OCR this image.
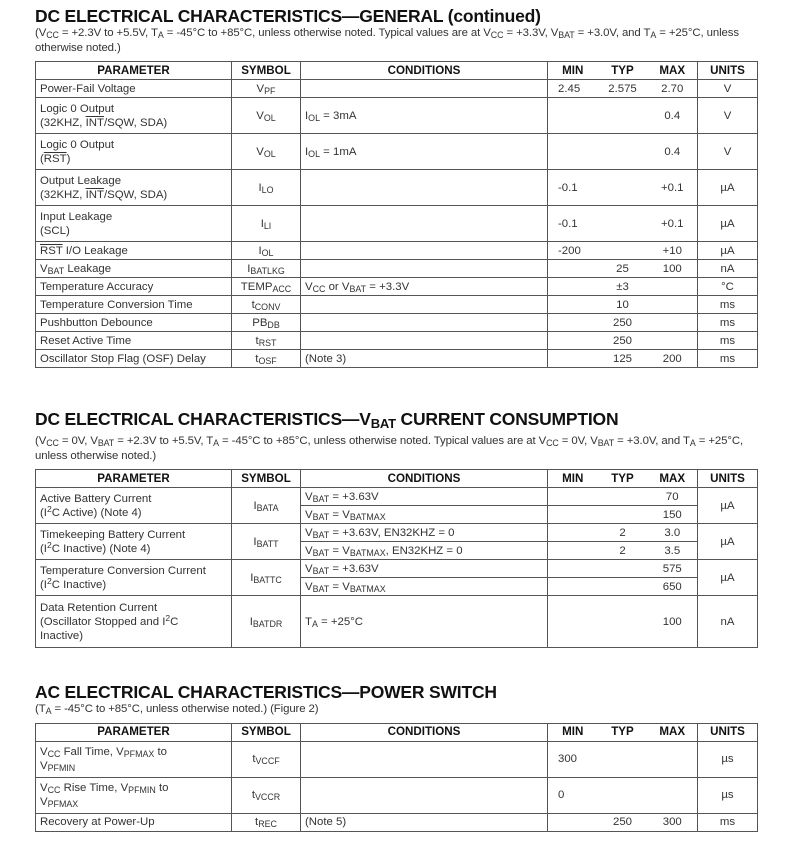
DC ELECTRICAL CHARACTERISTICS—GENERAL (continued)
($V_{CC} = +2.3V$ to +5.5V, $T_A = -45^\circ C$ to +85°C, unless otherwise noted. Typical values are at $V_{CC} = +3.3V$, $V_{BAT} = +3.0V$, and $T_A = +25^\circ C$, unless otherwise noted.)
PARAMETER	SYMBOL	CONDITIONS	MIN	TYP	MAX	UNITS
Power-Fail Voltage	$V_{PF}$		2.45	2.575	2.70	V
Logic 0 Output
(32KHZ, $\overline{INT}$/SQW, SDA)	$V_{OL}$	$I_{OL} = 3mA$			0.4	V
Logic 0 Output
$(\overline{RST})$	$V_{OL}$	$I_{OL} = 1mA$			0.4	V
Output Leakage
(32KHZ, $\overline{INT}$/SQW, SDA)	$I_{LO}$		-0.1		+0.1	µA
Input Leakage
(SCL)	$I_{LI}$		-0.1		+0.1	µA
$\overline{RST}$ I/O Leakage	$I_{OL}$		-200		+10	µA
$V_{BAT}$ Leakage	$I_{BATLKG}$			25	100	nA
Temperature Accuracy	$TEMP_{ACC}$	$V_{CC}$ or $V_{BAT} = +3.3V$		±3		°C
Temperature Conversion Time	$t_{CONV}$			10		ms
Pushbutton Debounce	$PB_{DB}$			250		ms
Reset Active Time	$t_{RST}$			250		ms
Oscillator Stop Flag (OSF) Delay	$t_{OSF}$	(Note 3)		125	200	ms
DC ELECTRICAL $CHARACTERISTICS—V_{BAT}$ CURRENT CONSUMPTION
($V_{CC} = 0V$, $V_{BAT} = +2.3V$ to +5.5V, $T_A = -45^\circ C$ to +85°C, unless otherwise noted. Typical values are at $V_{CC} = 0V$, $V_{BAT} = +3.0V$, and $T_A = +25^\circ C$, unless otherwise noted.)
PARAMETER	SYMBOL	CONDITIONS	MIN	TYP	MAX	UNITS
Active Battery Current
($I^2C$ Active) (Note 4)	$I_{BATA}$	$V_{BAT} = +3.63V$			70	µA
		$V_{BAT} = V_{BATMAX}$			150	
Timekeeping Battery Current
($I^2C$ Inactive) (Note 4)	$I_{BATT}$	$V_{BAT} = +3.63V$, EN32KHZ = 0		2	3.0	µA
		$V_{BAT} = V_{BATMAX}$, EN32KHZ = 0		2	3.5	
Temperature Conversion Current
($I^2C$ Inactive)	$I_{BATTC}$	$V_{BAT} = +3.63V$			575	µA
		$V_{BAT} = V_{BATMAX}$			650	
Data Retention Current
(Oscillator Stopped and $I^2C$
Inactive)	$I_{BATDR}$	$T_A = +25^\circ C$			100	nA
AC ELECTRICAL CHARACTERISTICS—POWER SWITCH
($T_A = -45^\circ C$ to +85°C, unless otherwise noted.) (Figure 2)
PARAMETER	SYMBOL	CONDITIONS	MIN	TYP	MAX	UNITS
$V_{CC}$ Fall Time, $V_{PFMAX}$ to
$V_{PFMIN}$	$t_{VCCF}$		300			µs
$V_{CC}$ Rise Time, $V_{PFMIN}$ to
$V_{PFMAX}$	$t_{VCCR}$		0			µs
Recovery at Power-Up	$t_{REC}$	(Note 5)		250	300	ms
